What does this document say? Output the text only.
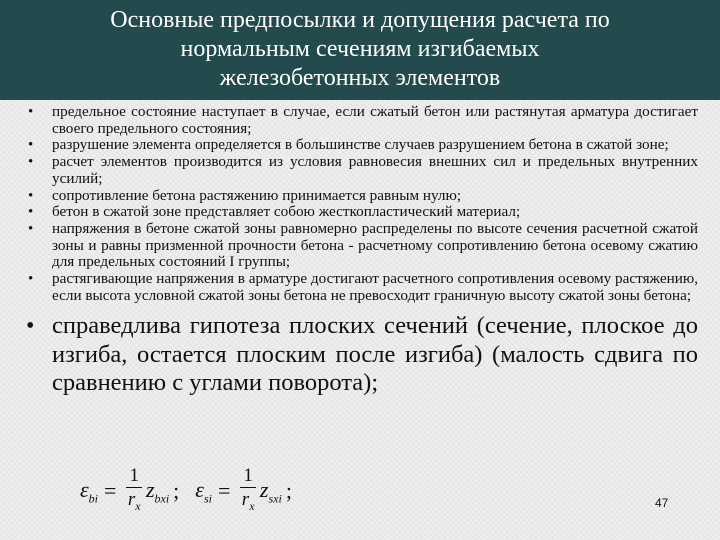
Основные предпосылки и допущения расчета по
нормальным сечениям изгибаемых
железобетонных элементов
• предельное состояние наступает в случае, если сжатый бетон или растянутая арматура достигает своего предельного состояния;
• разрушение элемента определяется в большинстве случаев разрушением бетона в сжатой зоне;
• расчет элементов производится из условия равновесия внешних сил и предельных внутренних усилий;
• сопротивление бетона растяжению принимается равным нулю;
• бетон в сжатой зоне представляет собою жесткопластический материал;
• напряжения в бетоне сжатой зоны равномерно распределены по высоте сечения расчетной сжатой зоны и равны призменной прочности бетона - расчетному сопротивлению бетона осевому сжатию для предельных состояний I группы;
• растягивающие напряжения в арматуре достигают расчетного сопротивления осевому растяжению, если высота условной сжатой зоны бетона не превосходит граничную высоту сжатой зоны бетона;
• справедлива гипотеза плоских сечений (сечение, плоское до изгиба, остается плоским после изгиба) (малость сдвига по сравнению с углами поворота);
$\varepsilon_{bi} = \frac{1}{r_x} z_{bxi}$ ; $\varepsilon_{si} = \frac{1}{r_x} z_{sxi}$ ;	47
